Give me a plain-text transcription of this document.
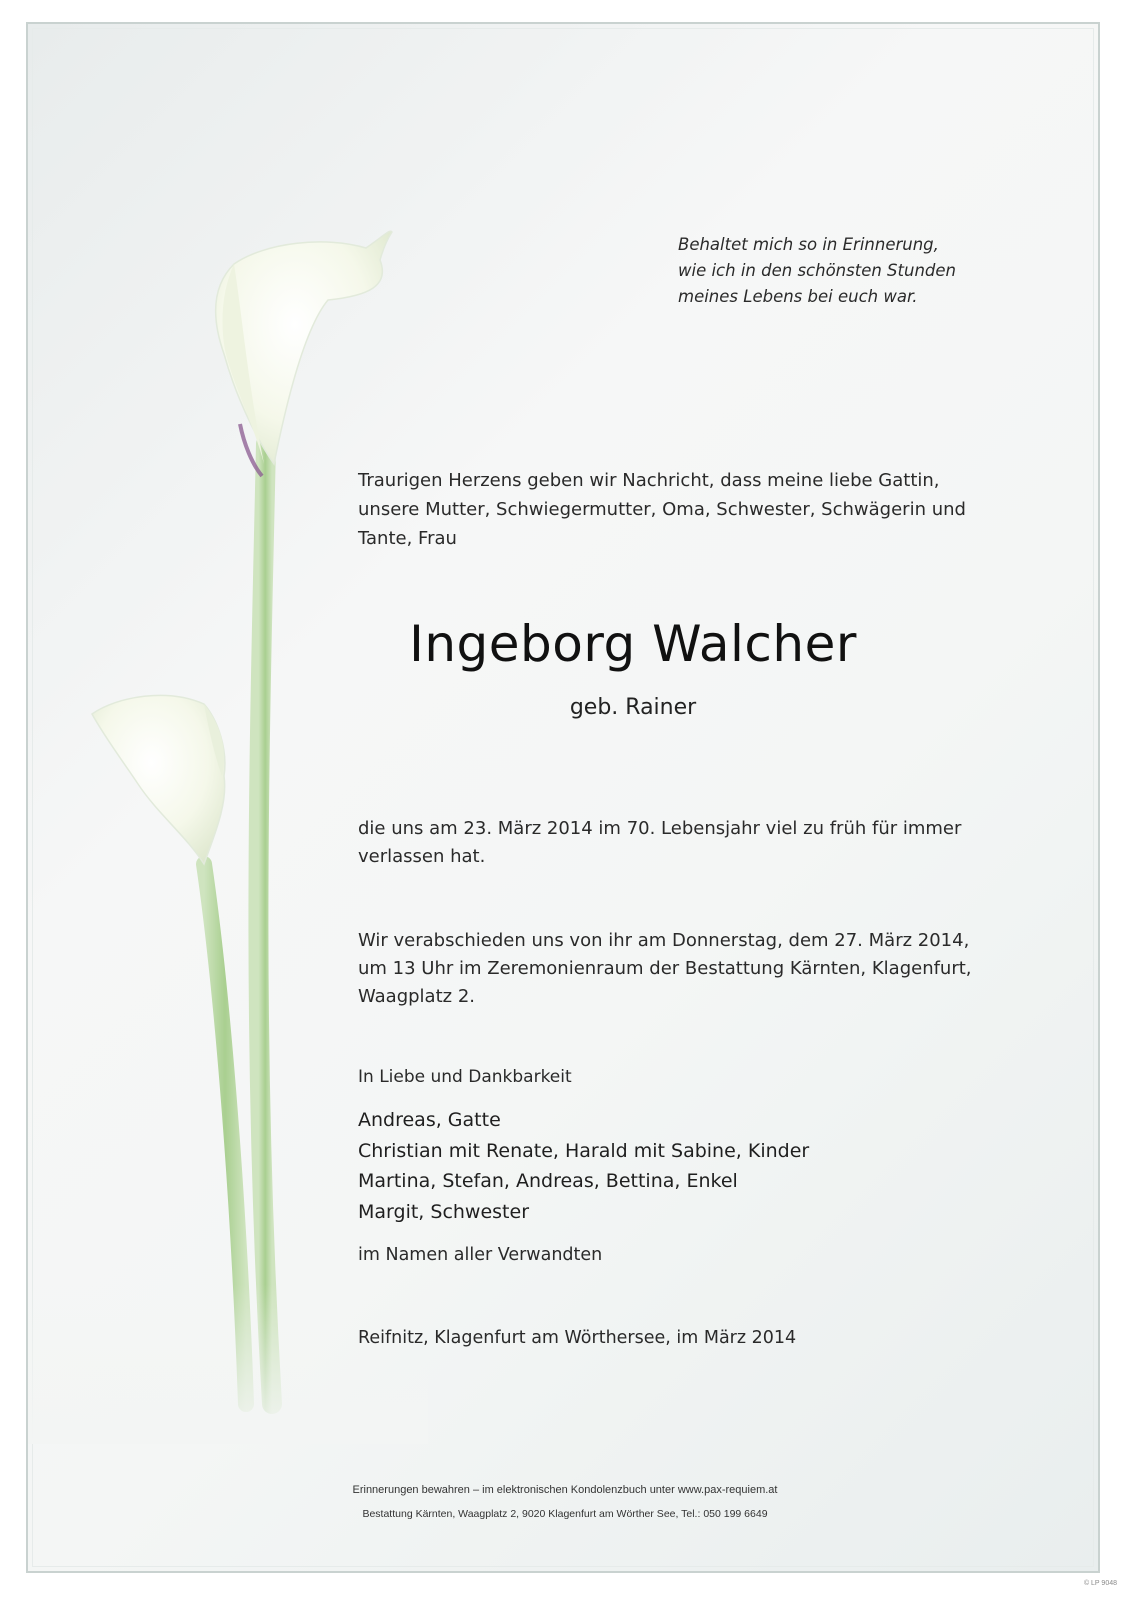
Behaltet mich so in Erinnerung,
wie ich in den schönsten Stunden
meines Lebens bei euch war.

Traurigen Herzens geben wir Nachricht, dass meine liebe Gattin, unsere Mutter, Schwiegermutter, Oma, Schwester, Schwägerin und Tante, Frau

Ingeborg Walcher

geb. Rainer

die uns am 23. März 2014 im 70. Lebensjahr viel zu früh für immer verlassen hat.

Wir verabschieden uns von ihr am Donnerstag, dem 27. März 2014, um 13 Uhr im Zeremonienraum der Bestattung Kärnten, Klagenfurt, Waagplatz 2.

In Liebe und Dankbarkeit

Andreas, Gatte
Christian mit Renate, Harald mit Sabine, Kinder
Martina, Stefan, Andreas, Bettina, Enkel
Margit, Schwester

im Namen aller Verwandten

Reifnitz, Klagenfurt am Wörthersee, im März 2014

Erinnerungen bewahren – im elektronischen Kondolenzbuch unter www.pax-requiem.at

Bestattung Kärnten, Waagplatz 2, 9020 Klagenfurt am Wörther See, Tel.: 050 199 6649

© LP 9048
